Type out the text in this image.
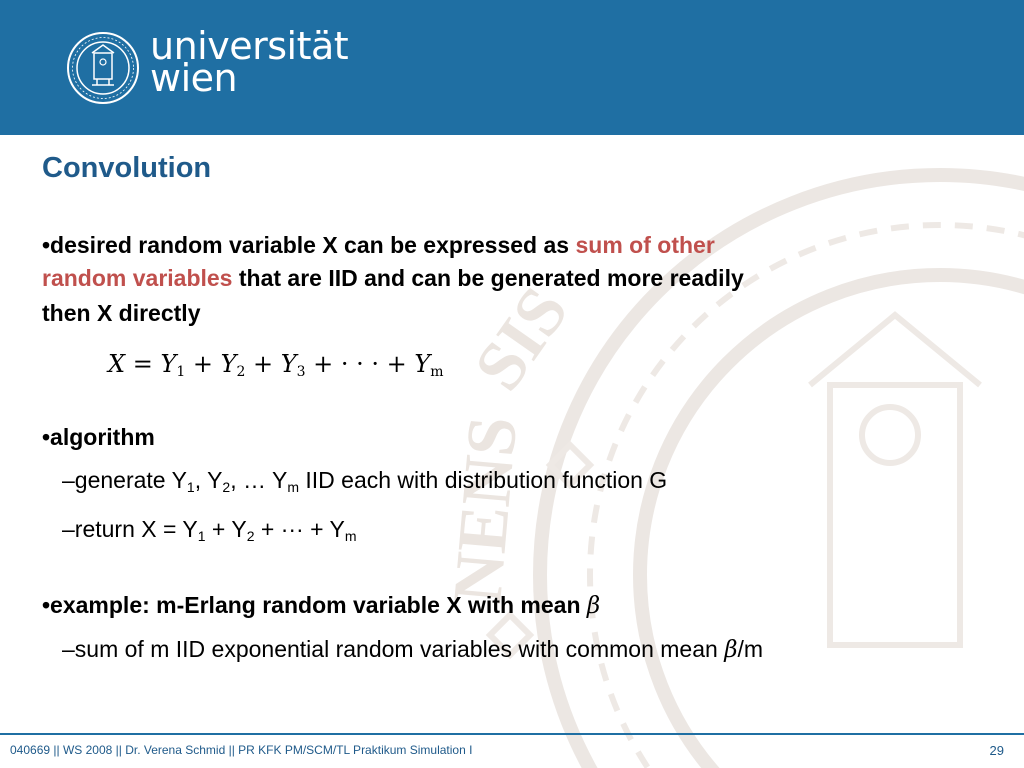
universität
wien
SIS
NENS
Convolution
•desired random variable X can be expressed as sum of other
random variables that are IID and can be generated more readily
then X directly
$X = Y_1 + Y_2 + Y_3$ + · · · + $Y_m$
•algorithm
–generate $Y_1$, $Y_2$, … $Y_m$ IID each with distribution function G
–return $X = Y_1 + Y_2$ + ··· + $Y_m$
•example: m-Erlang random variable X with mean β
–sum of m IID exponential random variables with common mean β/m
040669 || WS 2008 || Dr. Verena Schmid || PR KFK PM/SCM/TL Praktikum Simulation I	29
